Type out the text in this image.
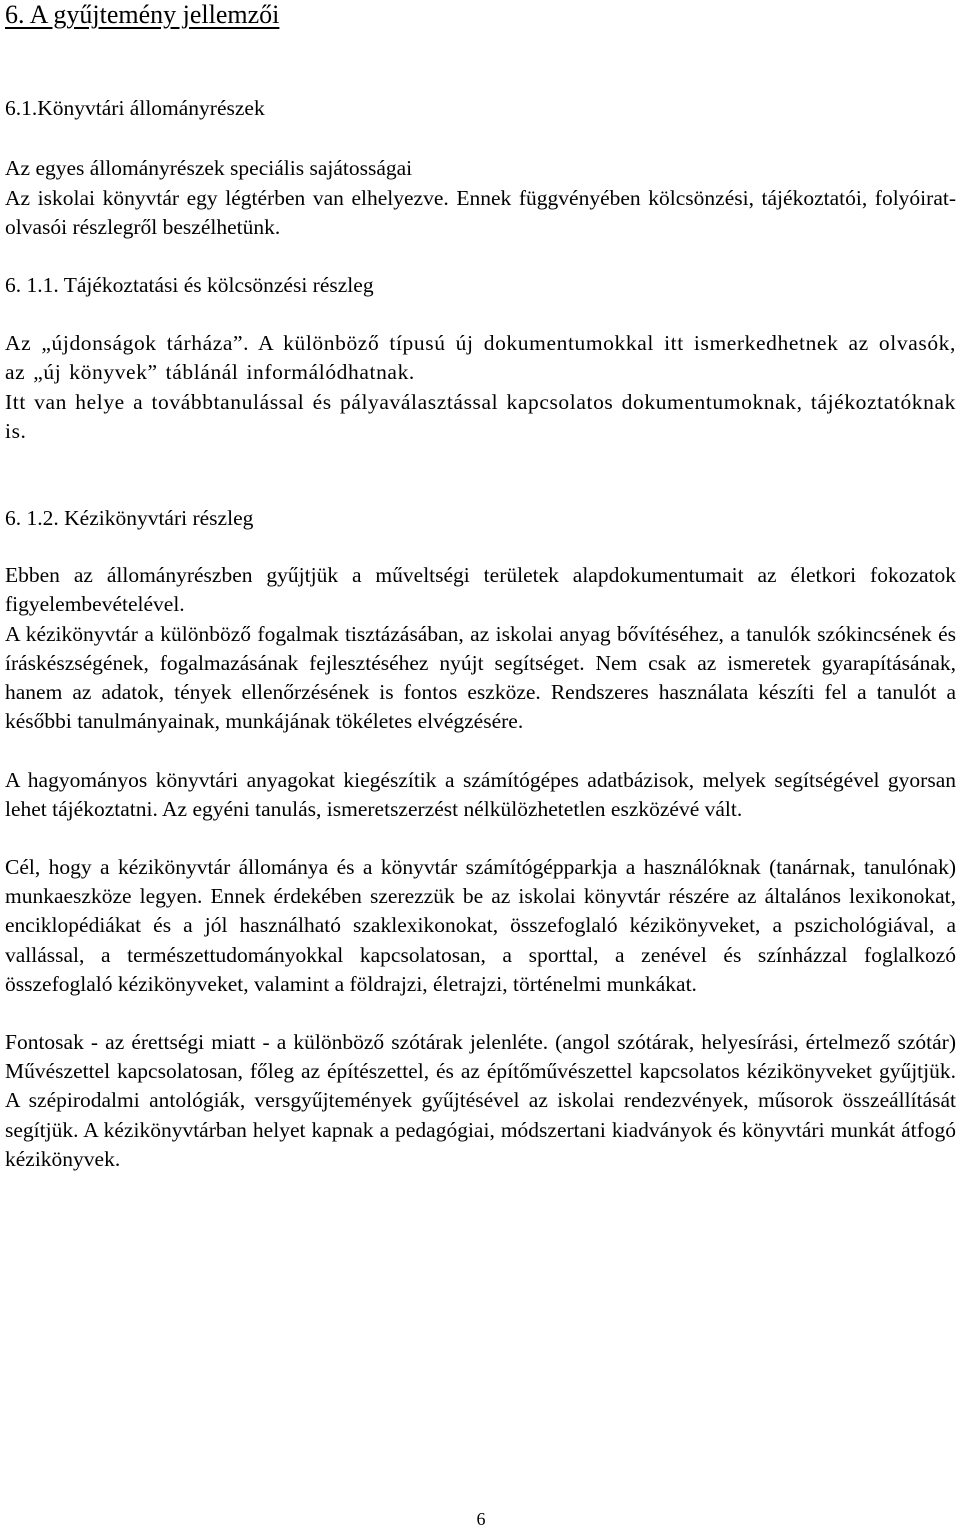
6. A gyűjtemény jellemzői
6.1.Könyvtári állományrészek
Az egyes állományrészek speciális sajátosságai

Az iskolai könyvtár egy légtérben van elhelyezve. Ennek függvényében kölcsönzési, tájékoztatói, folyóirat-olvasói részlegről beszélhetünk.

6. 1.1. Tájékoztatási és kölcsönzési részleg

Az „újdonságok tárháza”. A különböző típusú új dokumentumokkal itt ismerkedhetnek az olvasók, az „új könyvek” táblánál informálódhatnak.

Itt van helye a továbbtanulással és pályaválasztással kapcsolatos dokumentumoknak, tájékoztatóknak is.

6. 1.2. Kézikönyvtári részleg

Ebben az állományrészben gyűjtjük a műveltségi területek alapdokumentumait az életkori fokozatok figyelembevételével.

A kézikönyvtár a különböző fogalmak tisztázásában, az iskolai anyag bővítéséhez, a tanulók szókincsének és íráskészségének, fogalmazásának fejlesztéséhez nyújt segítséget. Nem csak az ismeretek gyarapításának, hanem az adatok, tények ellenőrzésének is fontos eszköze. Rendszeres használata készíti fel a tanulót a későbbi tanulmányainak, munkájának tökéletes elvégzésére.

A hagyományos könyvtári anyagokat kiegészítik a számítógépes adatbázisok, melyek segítségével gyorsan lehet tájékoztatni. Az egyéni tanulás, ismeretszerzést nélkülözhetetlen eszközévé vált.

Cél, hogy a kézikönyvtár állománya és a könyvtár számítógépparkja a használóknak (tanárnak, tanulónak) munkaeszköze legyen. Ennek érdekében szerezzük be az iskolai könyvtár részére az általános lexikonokat, enciklopédiákat és a jól használható szaklexikonokat, összefoglaló kézikönyveket, a pszichológiával, a vallással, a természettudományokkal kapcsolatosan, a sporttal, a zenével és színházzal foglalkozó összefoglaló kézikönyveket, valamint a földrajzi, életrajzi, történelmi munkákat.

Fontosak - az érettségi miatt - a különböző szótárak jelenléte. (angol szótárak, helyesírási, értelmező szótár) Művészettel kapcsolatosan, főleg az építészettel, és az építőművészettel kapcsolatos kézikönyveket gyűjtjük. A szépirodalmi antológiák, versgyűjtemények gyűjtésével az iskolai rendezvények, műsorok összeállítását segítjük. A kézikönyvtárban helyet kapnak a pedagógiai, módszertani kiadványok és könyvtári munkát átfogó kézikönyvek.

6
